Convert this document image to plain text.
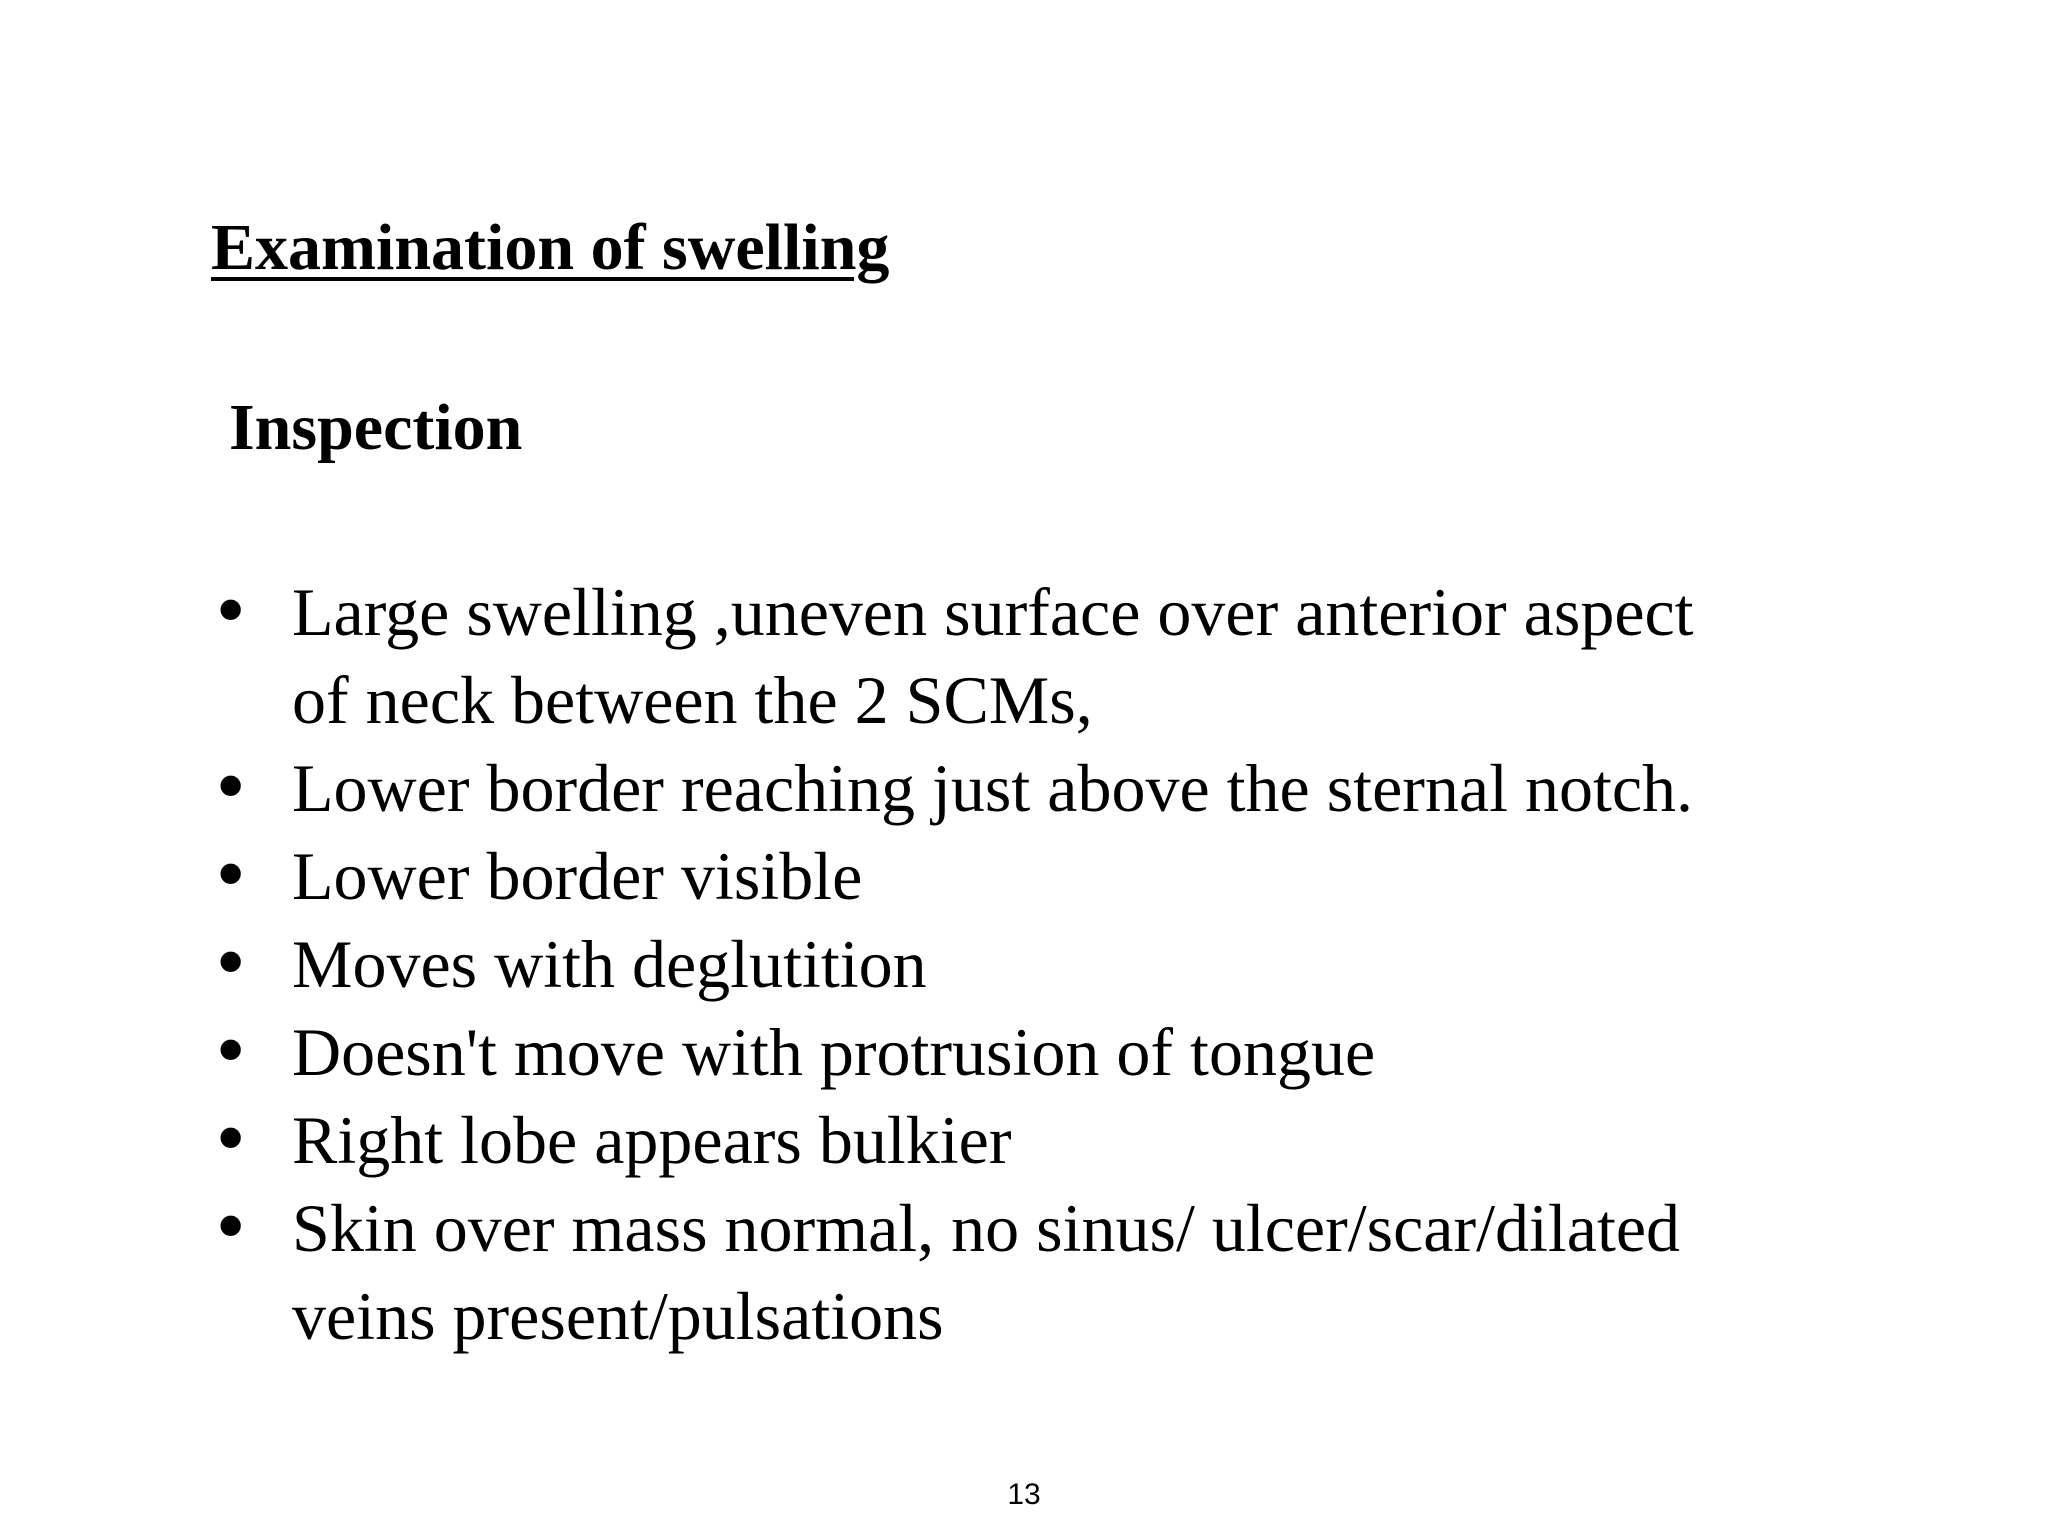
Examination of swelling
Inspection
• Large swelling ,uneven surface over anterior aspect
of neck between the 2 SCMs,
• Lower border reaching just above the sternal notch.
• Lower border visible
• Moves with deglutition
• Doesn't move with protrusion of tongue
• Right lobe appears bulkier
• Skin over mass normal, no sinus/ ulcer/scar/dilated
veins present/pulsations
13
